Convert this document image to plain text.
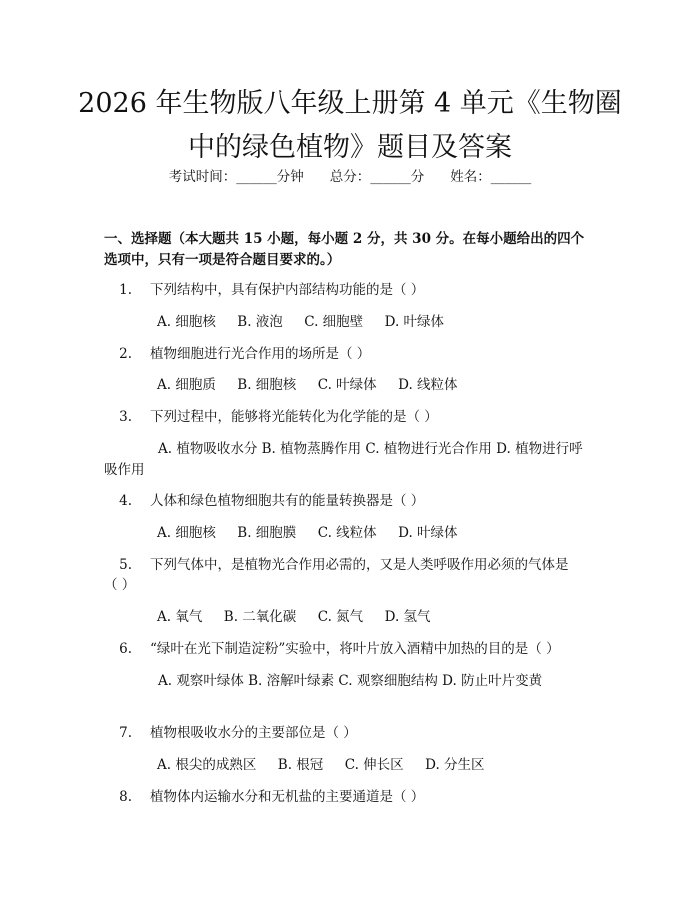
2026 年生物版八年级上册第 4 单元《生物圈
中的绿色植物》题目及答案
考试时间：______分钟 总分：______分 姓名：______
一、选择题（本大题共 15 小题，每小题 2 分，共 30 分。在每小题给出的四个选项中，只有一项是符合题目要求的。）
1. 下列结构中，具有保护内部结构功能的是（ ）
A. 细胞核     B. 液泡     C. 细胞壁     D. 叶绿体
2. 植物细胞进行光合作用的场所是（ ）
A. 细胞质     B. 细胞核     C. 叶绿体     D. 线粒体
3. 下列过程中，能够将光能转化为化学能的是（ ）
A. 植物吸收水分 B. 植物蒸腾作用 C. 植物进行光合作用 D. 植物进行呼吸作用
4. 人体和绿色植物细胞共有的能量转换器是（ ）
A. 细胞核     B. 细胞膜     C. 线粒体     D. 叶绿体
5. 下列气体中，是植物光合作用必需的，又是人类呼吸作用必须的气体是
（ ）
A. 氧气     B. 二氧化碳     C. 氮气     D. 氢气
6. “绿叶在光下制造淀粉”实验中，将叶片放入酒精中加热的目的是（ ）
A. 观察叶绿体 B. 溶解叶绿素 C. 观察细胞结构 D. 防止叶片变黄
7. 植物根吸收水分的主要部位是（ ）
A. 根尖的成熟区     B. 根冠     C. 伸长区     D. 分生区
8. 植物体内运输水分和无机盐的主要通道是（ ）
